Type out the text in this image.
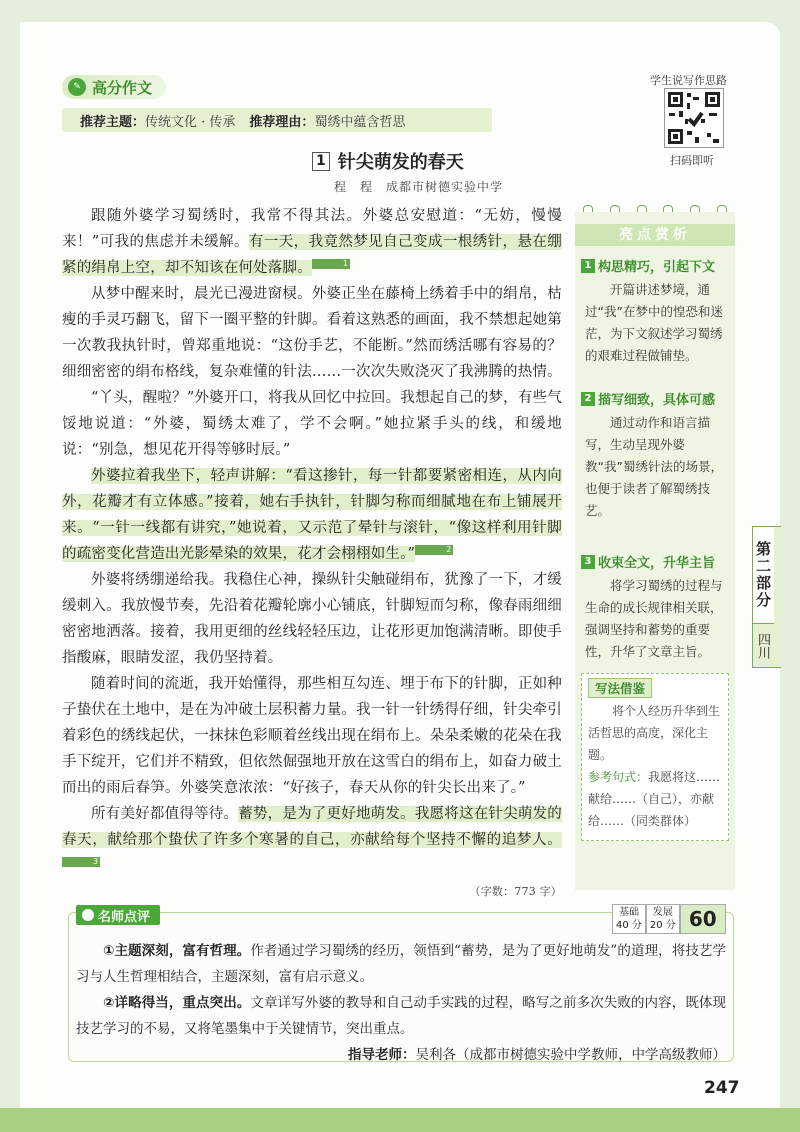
✎ 高分作文
推荐主题： 传统文化 · 传承 推荐理由： 蜀绣中蕴含哲思
学生说写作思路
扫码即听
1 针尖萌发的春天
程　程　成都市树德实验中学

跟随外婆学习蜀绣时，我常不得其法。外婆总安慰道：“无妨，慢慢来！”可我的焦虑并未缓解。有一天，我竟然梦见自己变成一根绣针，悬在绷紧的绢帛上空，却不知该在何处落脚。	1

从梦中醒来时，晨光已漫进窗棂。外婆正坐在藤椅上绣着手中的绢帛，枯瘦的手灵巧翻飞，留下一圈平整的针脚。看着这熟悉的画面，我不禁想起她第一次教我执针时，曾郑重地说：“这份手艺，不能断。”然而绣活哪有容易的？细细密密的绢布格线，复杂难懂的针法……一次次失败浇灭了我沸腾的热情。

“丫头，醒啦？”外婆开口，将我从回忆中拉回。我想起自己的梦，有些气馁地说道：“外婆，蜀绣太难了，学不会啊。”她拉紧手头的线，和缓地说：“别急，想见花开得等够时辰。”

外婆拉着我坐下，轻声讲解：“看这掺针，每一针都要紧密相连，从内向外，花瓣才有立体感。”接着，她右手执针，针脚匀称而细腻地在布上铺展开来。“一针一线都有讲究，”她说着，又示范了晕针与滚针，“像这样利用针脚的疏密变化营造出光影晕染的效果，花才会栩栩如生。”	2

外婆将绣绷递给我。我稳住心神，操纵针尖触碰绢布，犹豫了一下，才缓缓刺入。我放慢节奏，先沿着花瓣轮廓小心铺底，针脚短而匀称，像春雨细细密密地洒落。接着，我用更细的丝线轻轻压边，让花形更加饱满清晰。即使手指酸麻，眼睛发涩，我仍坚持着。

随着时间的流逝，我开始懂得，那些相互勾连、埋于布下的针脚，正如种子蛰伏在土地中，是在为冲破土层积蓄力量。我一针一针绣得仔细，针尖牵引着彩色的绣线起伏，一抹抹色彩顺着丝线出现在绢布上。朵朵柔嫩的花朵在我手下绽开，它们并不精致，但依然倔强地开放在这雪白的绢布上，如奋力破土而出的雨后春笋。外婆笑意浓浓：“好孩子，春天从你的针尖长出来了。”

所有美好都值得等待。蓄势，是为了更好地萌发。我愿将这在针尖萌发的春天，献给那个蛰伏了许多个寒暑的自己，亦献给每个坚持不懈的追梦人。3

（字数：773 字）
亮点赏析
1 构思精巧，引起下文
开篇讲述梦境，通过“我”在梦中的惶恐和迷茫，为下文叙述学习蜀绣的艰难过程做铺垫。
2 描写细致，具体可感
通过动作和语言描写，生动呈现外婆教“我”蜀绣针法的场景，也便于读者了解蜀绣技艺。
3 收束全文，升华主旨
将学习蜀绣的过程与生命的成长规律相关联，强调坚持和蓄势的重要性，升华了文章主旨。
写法借鉴
将个人经历升华到生活哲思的高度，深化主题。
参考句式：我愿将这……献给……（自己），亦献给……（同类群体）
第二部分
四川
名师点评	基础
40 分
发展
20 分 60

①主题深刻，富有哲理。作者通过学习蜀绣的经历，领悟到“蓄势，是为了更好地萌发”的道理，将技艺学习与人生哲理相结合，主题深刻，富有启示意义。

②详略得当，重点突出。文章详写外婆的教导和自己动手实践的过程，略写之前多次失败的内容，既体现技艺学习的不易，又将笔墨集中于关键情节，突出重点。

指导老师：吴利各（成都市树德实验中学教师，中学高级教师）
247
